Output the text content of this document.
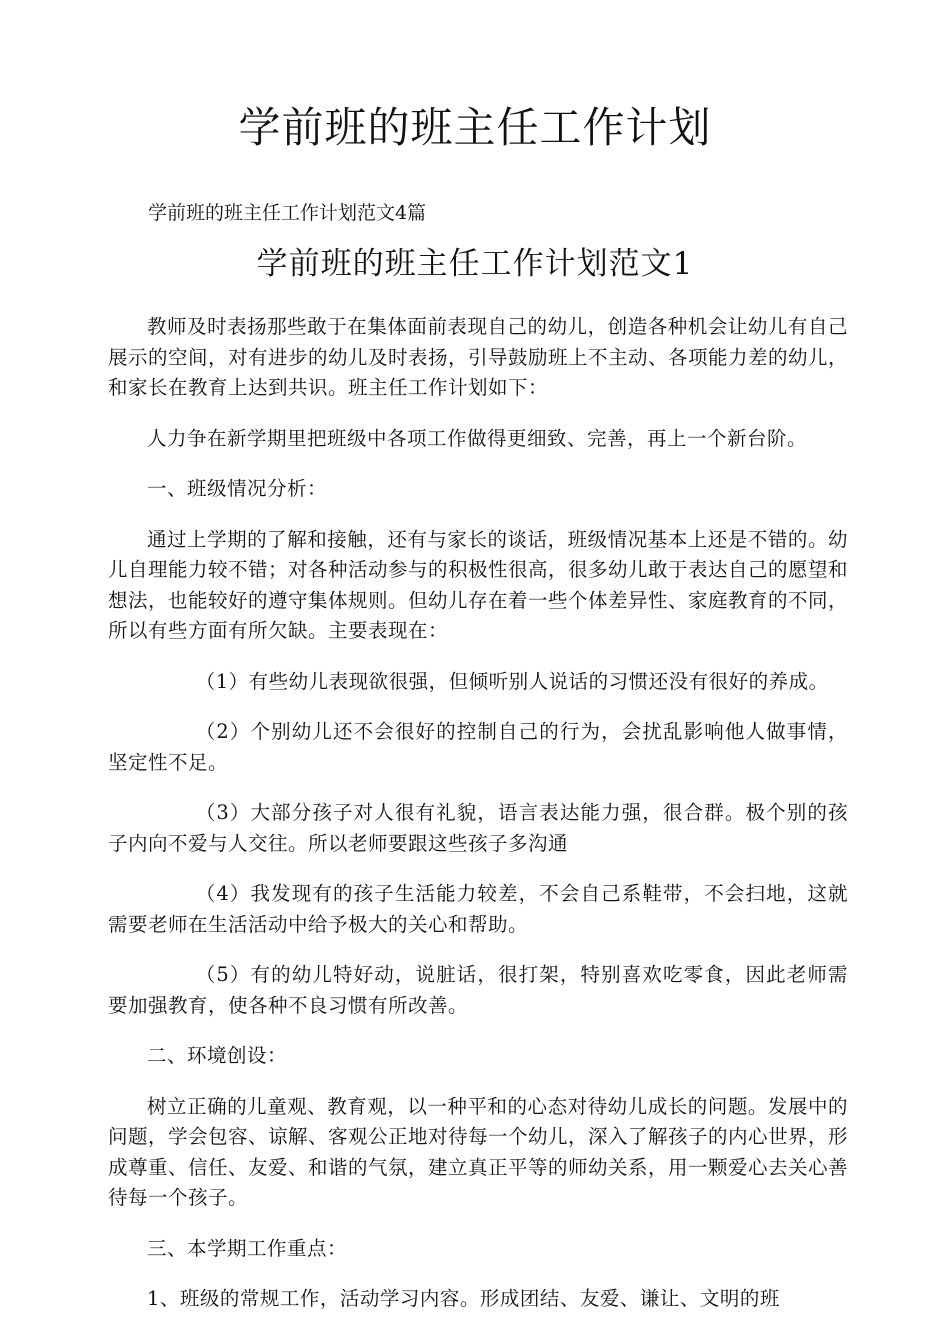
学前班的班主任工作计划

学前班的班主任工作计划范文4篇

学前班的班主任工作计划范文1

教师及时表扬那些敢于在集体面前表现自己的幼儿，创造各种机会让幼儿有自己展示的空间，对有进步的幼儿及时表扬，引导鼓励班上不主动、各项能力差的幼儿，和家长在教育上达到共识。班主任工作计划如下：

人力争在新学期里把班级中各项工作做得更细致、完善，再上一个新台阶。

一、班级情况分析：

通过上学期的了解和接触，还有与家长的谈话，班级情况基本上还是不错的。幼儿自理能力较不错；对各种活动参与的积极性很高，很多幼儿敢于表达自己的愿望和想法，也能较好的遵守集体规则。但幼儿存在着一些个体差异性、家庭教育的不同，所以有些方面有所欠缺。主要表现在：

（1）有些幼儿表现欲很强，但倾听别人说话的习惯还没有很好的养成。

（2）个别幼儿还不会很好的控制自己的行为，会扰乱影响他人做事情，坚定性不足。

（3）大部分孩子对人很有礼貌，语言表达能力强，很合群。极个别的孩子内向不爱与人交往。所以老师要跟这些孩子多沟通

（4）我发现有的孩子生活能力较差，不会自己系鞋带，不会扫地，这就需要老师在生活活动中给予极大的关心和帮助。

（5）有的幼儿特好动，说脏话，很打架，特别喜欢吃零食，因此老师需要加强教育，使各种不良习惯有所改善。

二、环境创设：

树立正确的儿童观、教育观，以一种平和的心态对待幼儿成长的问题。发展中的问题，学会包容、谅解、客观公正地对待每一个幼儿，深入了解孩子的内心世界，形成尊重、信任、友爱、和谐的气氛，建立真正平等的师幼关系，用一颗爱心去关心善待每一个孩子。

三、本学期工作重点：

1、班级的常规工作，活动学习内容。形成团结、友爱、谦让、文明的班
